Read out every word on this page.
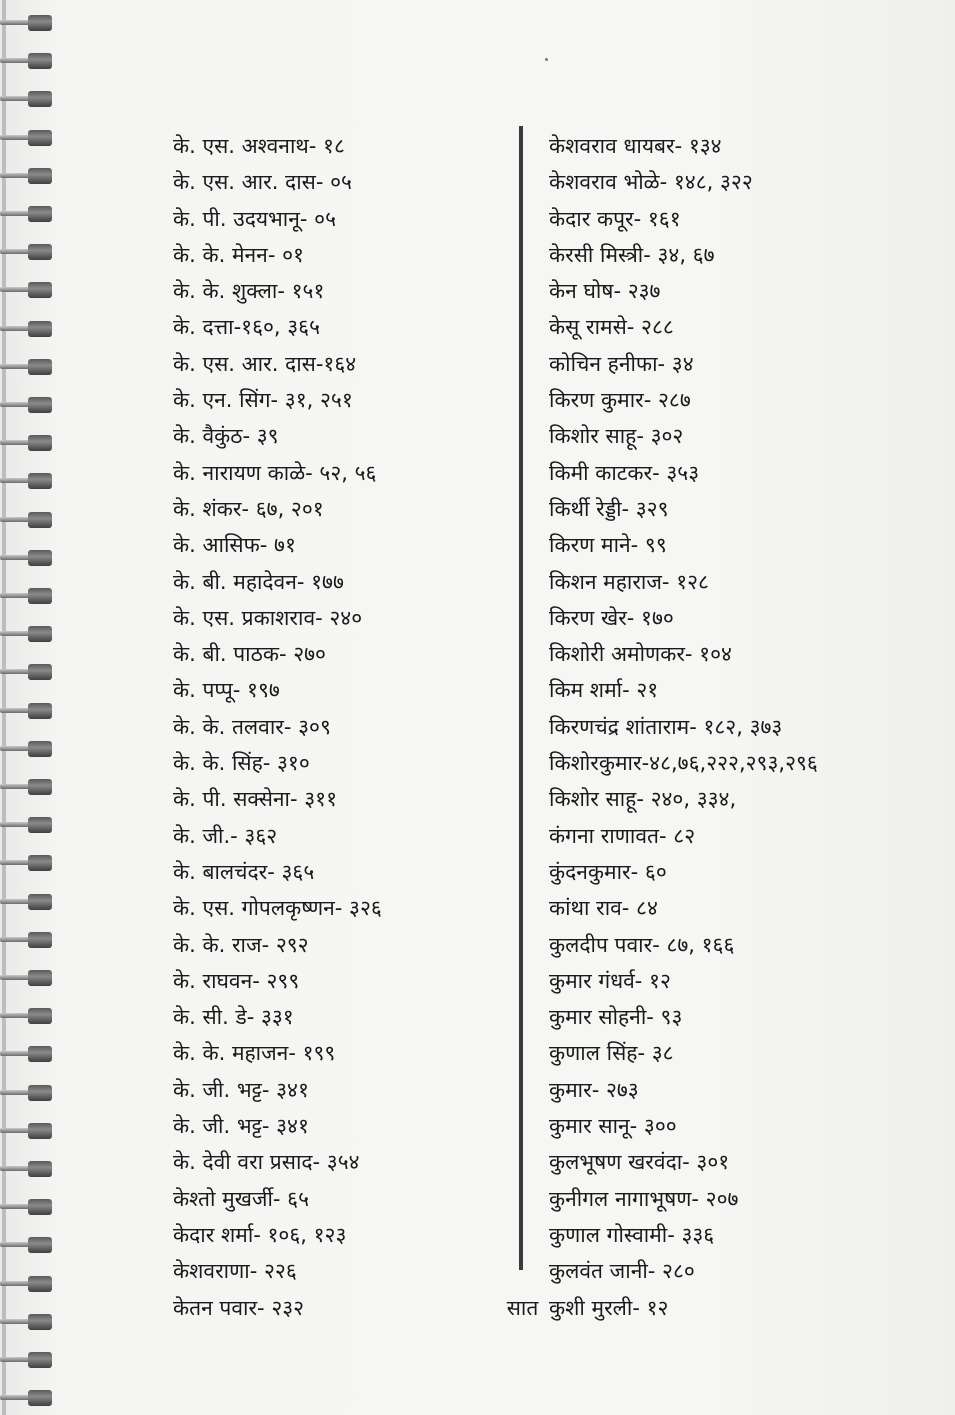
के. एस. अश्वनाथ- १८
के. एस. आर. दास- ०५
के. पी. उदयभानू- ०५
के. के. मेनन- ०१
के. के. शुक्ला- १५१
के. दत्ता-१६०, ३६५
के. एस. आर. दास-१६४
के. एन. सिंग- ३१, २५१
के. वैकुंठ- ३९
के. नारायण काळे- ५२, ५६
के. शंकर- ६७, २०१
के. आसिफ- ७१
के. बी. महादेवन- १७७
के. एस. प्रकाशराव- २४०
के. बी. पाठक- २७०
के. पप्पू- १९७
के. के. तलवार- ३०९
के. के. सिंह- ३१०
के. पी. सक्सेना- ३११
के. जी.- ३६२
के. बालचंदर- ३६५
के. एस. गोपलकृष्णन- ३२६
के. के. राज- २९२
के. राघवन- २९९
के. सी. डे- ३३१
के. के. महाजन- १९९
के. जी. भट्ट- ३४१
के. जी. भट्ट- ३४१
के. देवी वरा प्रसाद- ३५४
केश्तो मुखर्जी- ६५
केदार शर्मा- १०६, १२३
केशवराणा- २२६
केतन पवार- २३२
केशवराव धायबर- १३४
केशवराव भोळे- १४८, ३२२
केदार कपूर- १६१
केरसी मिस्त्री- ३४, ६७
केन घोष- २३७
केसू रामसे- २८८
कोचिन हनीफा- ३४
किरण कुमार- २८७
किशोर साहू- ३०२
किमी काटकर- ३५३
किर्थी रेड्डी- ३२९
किरण माने- ९९
किशन महाराज- १२८
किरण खेर- १७०
किशोरी अमोणकर- १०४
किम शर्मा- २१
किरणचंद्र शांताराम- १८२, ३७३
किशोरकुमार-४८,७६,२२२,२९३,२९६
किशोर साहू- २४०, ३३४,
कंगना राणावत- ८२
कुंदनकुमार- ६०
कांथा राव- ८४
कुलदीप पवार- ८७, १६६
कुमार गंधर्व- १२
कुमार सोहनी- ९३
कुणाल सिंह- ३८
कुमार- २७३
कुमार सानू- ३००
कुलभूषण खरवंदा- ३०१
कुनीगल नागाभूषण- २०७
कुणाल गोस्वामी- ३३६
कुलवंत जानी- २८०
कुशी मुरली- १२
सात
